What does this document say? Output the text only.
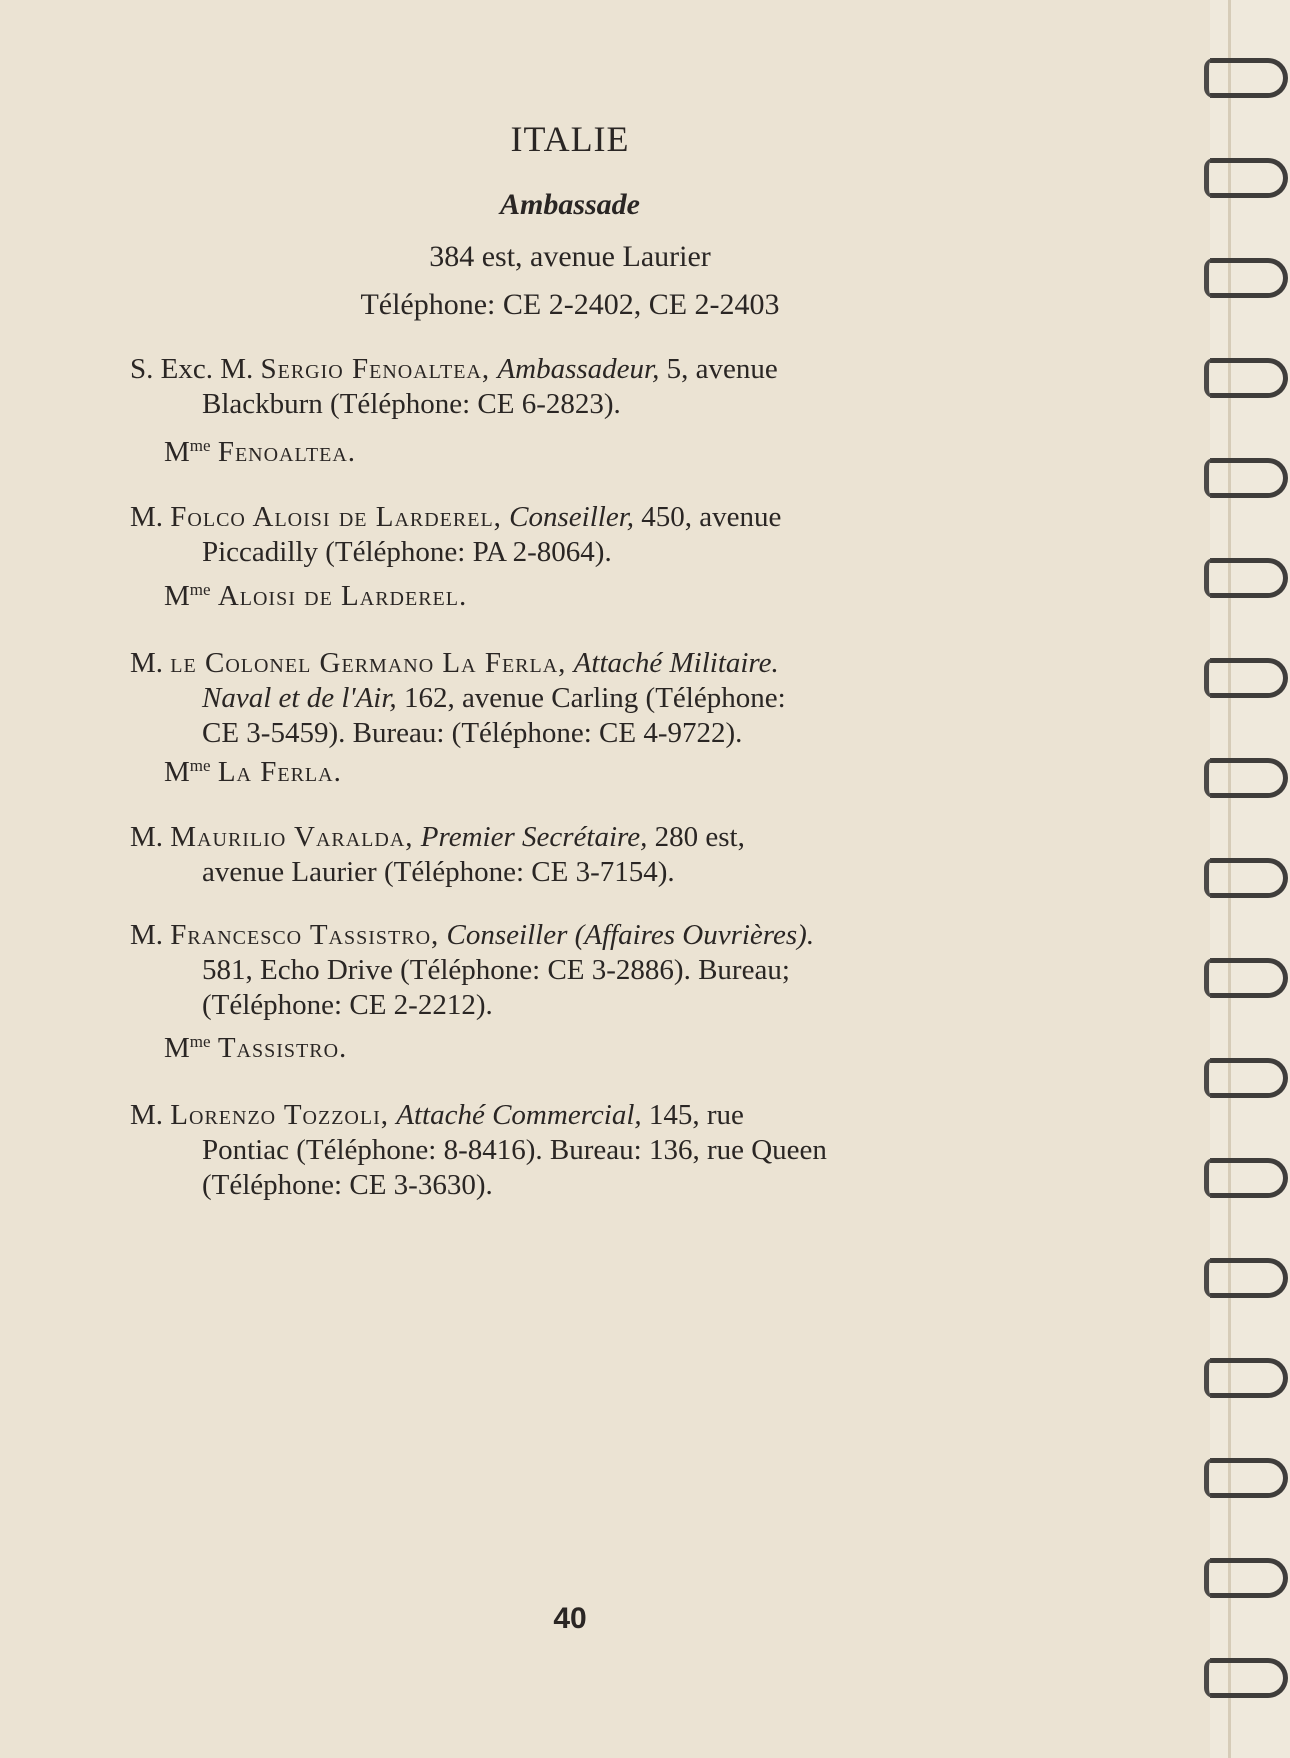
ITALIE
Ambassade
384 est, avenue Laurier
Téléphone: CE 2-2402, CE 2-2403
S. Exc. M. Sergio Fenoaltea, Ambassadeur, 5, avenue
Blackburn (Téléphone: CE 6-2823).
$M^{me}$ Fenoaltea.
M. Folco Aloisi de Larderel, Conseiller, 450, avenue
Piccadilly (Téléphone: PA 2-8064).
$M^{me}$ Aloisi de Larderel.
M. le Colonel Germano La Ferla, Attaché Militaire.
Naval et de l'Air, 162, avenue Carling (Téléphone:
CE 3-5459). Bureau: (Téléphone: CE 4-9722).
$M^{me}$ La Ferla.
M. Maurilio Varalda, Premier Secrétaire, 280 est,
avenue Laurier (Téléphone: CE 3-7154).
M. Francesco Tassistro, Conseiller (Affaires Ouvrières).
581, Echo Drive (Téléphone: CE 3-2886). Bureau;
(Téléphone: CE 2-2212).
$M^{me}$ Tassistro.
M. Lorenzo Tozzoli, Attaché Commercial, 145, rue
Pontiac (Téléphone: 8-8416). Bureau: 136, rue Queen
(Téléphone: CE 3-3630).
40
